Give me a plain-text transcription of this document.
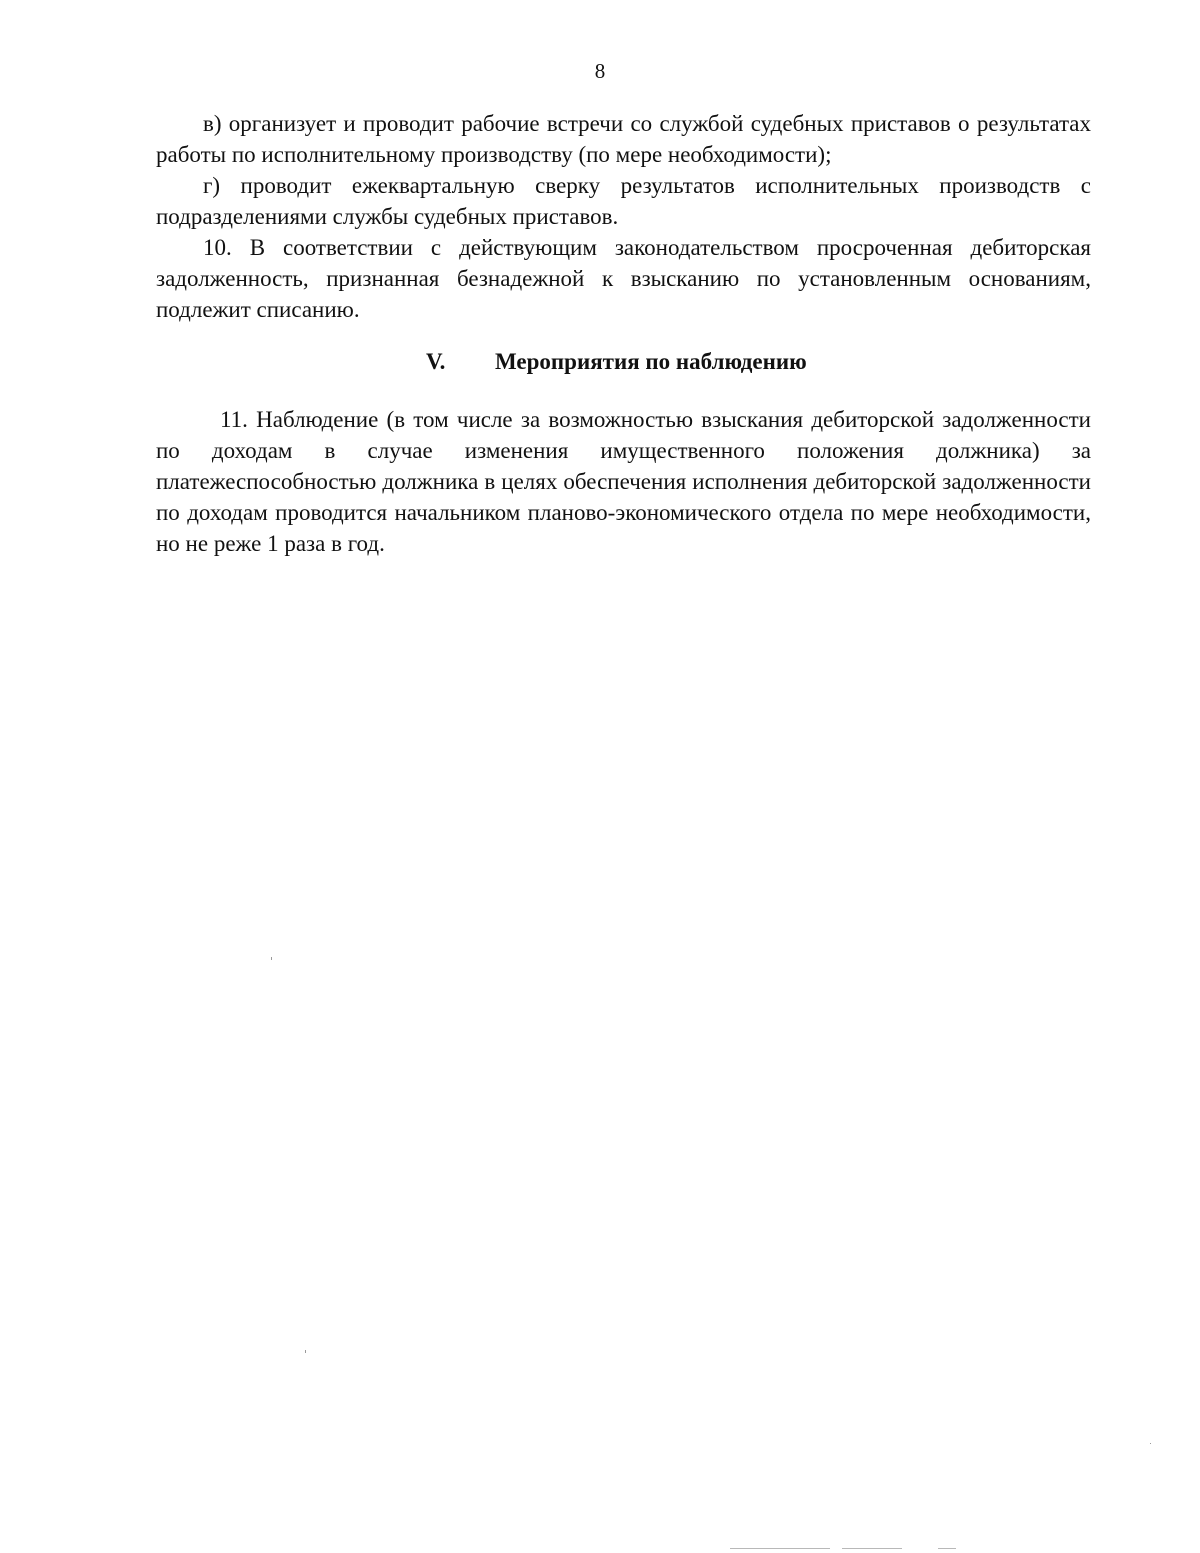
8

в) организует и проводит рабочие встречи со службой судебных приставов о результатах работы по исполнительному производству (по мере необходимости);

г) проводит ежеквартальную сверку результатов исполнительных производств с подразделениями службы судебных приставов.

10. В соответствии с действующим законодательством просроченная дебиторская задолженность, признанная безнадежной к взысканию по установленным основаниям, подлежит списанию.

V. Мероприятия по наблюдению

11. Наблюдение (в том числе за возможностью взыскания дебиторской задолженности по доходам в случае изменения имущественного положения должника) за платежеспособностью должника в целях обеспечения исполнения дебиторской задолженности по доходам проводится начальником планово-экономического отдела по мере необходимости, но не реже 1 раза в год.
